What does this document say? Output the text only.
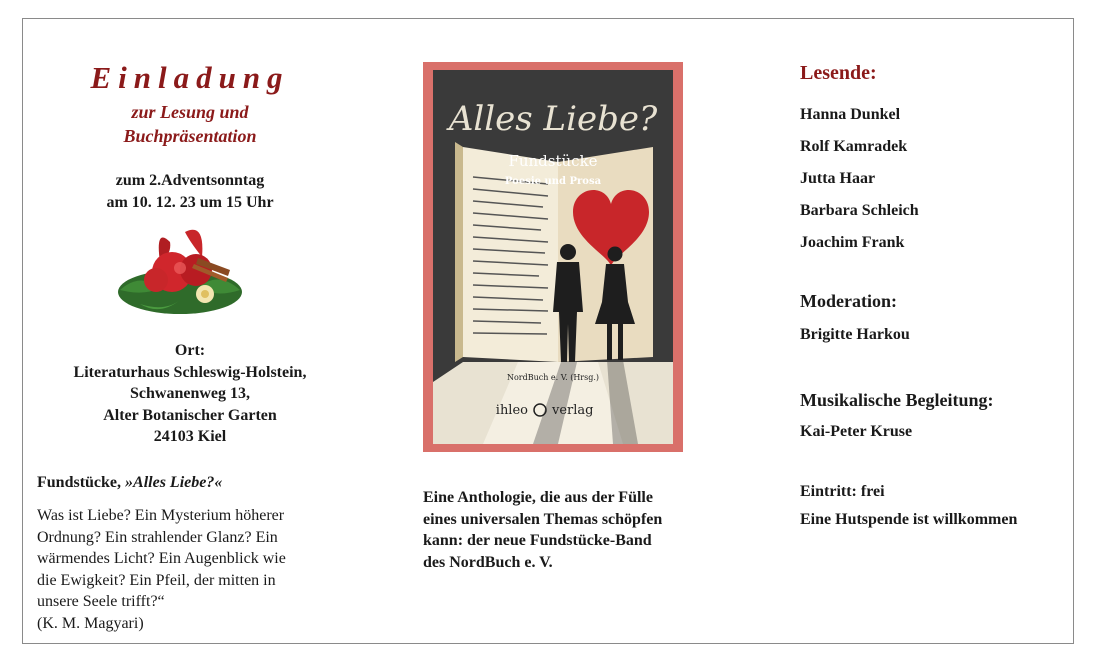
Einladung
zur Lesung und
Buchpräsentation
zum 2.Adventsonntag
am 10. 12. 23 um 15 Uhr
Ort:
Literaturhaus Schleswig-Holstein,
Schwanenweg 13,
Alter Botanischer Garten
24103 Kiel
Fundstücke, »Alles Liebe?«
Was ist Liebe? Ein Mysterium höherer
Ordnung? Ein strahlender Glanz? Ein
wärmendes Licht? Ein Augenblick wie
die Ewigkeit? Ein Pfeil, der mitten in
unsere Seele trifft?“
(K. M. Magyari)
Alles Liebe?
Fundstücke
Poesie und Prosa
NordBuch e. V. (Hrsg.)
ihleo verlag
Eine Anthologie, die aus der Fülle
eines universalen Themas schöpfen
kann: der neue Fundstücke-Band
des NordBuch e. V.
Lesende:
Hanna Dunkel
Rolf Kamradek
Jutta Haar
Barbara Schleich
Joachim Frank
Moderation:
Brigitte Harkou
Musikalische Begleitung:
Kai-Peter Kruse
Eintritt: frei
Eine Hutspende ist willkommen
